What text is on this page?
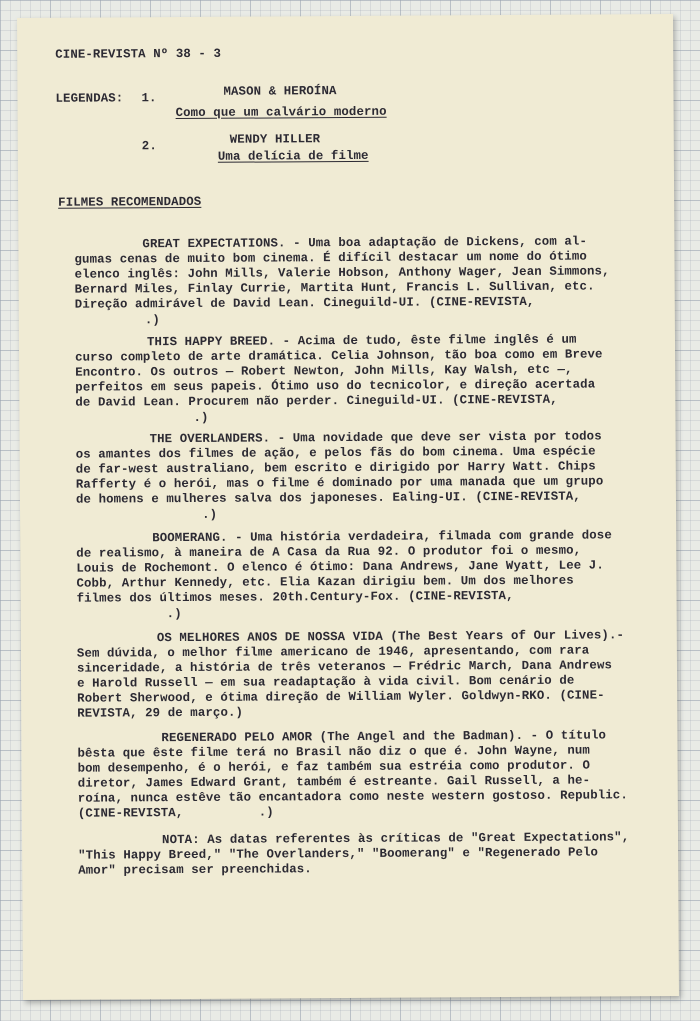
CINE-REVISTA Nº 38 - 3
LEGENDAS: 1.	MASON & HEROÍNA
Como que um calvário moderno
2.	WENDY HILLER
Uma delícia de filme
FILMES RECOMENDADOS
GREAT EXPECTATIONS. - Uma boa adaptação de Dickens, com al-
gumas cenas de muito bom cinema. É difícil destacar um nome do ótimo
elenco inglês: John Mills, Valerie Hobson, Anthony Wager, Jean Simmons,
Bernard Miles, Finlay Currie, Martita Hunt, Francis L. Sullivan, etc.
Direção admirável de David Lean. Cineguild-UI. (CINE-REVISTA,
.)
THIS HAPPY BREED. - Acima de tudo, êste filme inglês é um
curso completo de arte dramática. Celia Johnson, tão boa como em Breve
Encontro. Os outros — Robert Newton, John Mills, Kay Walsh, etc —,
perfeitos em seus papeis. Ótimo uso do tecnicolor, e direção acertada
de David Lean. Procurem não perder. Cineguild-UI. (CINE-REVISTA,
.)
THE OVERLANDERS. - Uma novidade que deve ser vista por todos
os amantes dos filmes de ação, e pelos fãs do bom cinema. Uma espécie
de far-west australiano, bem escrito e dirigido por Harry Watt. Chips
Rafferty é o herói, mas o filme é dominado por uma manada que um grupo
de homens e mulheres salva dos japoneses. Ealing-UI. (CINE-REVISTA,
.)
BOOMERANG. - Uma história verdadeira, filmada com grande dose
de realismo, à maneira de A Casa da Rua 92. O produtor foi o mesmo,
Louis de Rochemont. O elenco é ótimo: Dana Andrews, Jane Wyatt, Lee J.
Cobb, Arthur Kennedy, etc. Elia Kazan dirigiu bem. Um dos melhores
filmes dos últimos meses. 20th.Century-Fox. (CINE-REVISTA,
.)
OS MELHORES ANOS DE NOSSA VIDA (The Best Years of Our Lives).-
Sem dúvida, o melhor filme americano de 1946, apresentando, com rara
sinceridade, a história de três veteranos — Frédric March, Dana Andrews
e Harold Russell — em sua readaptação à vida civil. Bom cenário de
Robert Sherwood, e ótima direção de William Wyler. Goldwyn-RKO. (CINE-
REVISTA, 29 de março.)
REGENERADO PELO AMOR (The Angel and the Badman). - O título
bêsta que êste filme terá no Brasil não diz o que é. John Wayne, num
bom desempenho, é o herói, e faz também sua estréia como produtor. O
diretor, James Edward Grant, também é estreante. Gail Russell, a he-
roína, nunca estêve tão encantadora como neste western gostoso. Republic.
(CINE-REVISTA,          .)
NOTA: As datas referentes às críticas de "Great Expectations",
"This Happy Breed," "The Overlanders," "Boomerang" e "Regenerado Pelo
Amor" precisam ser preenchidas.
